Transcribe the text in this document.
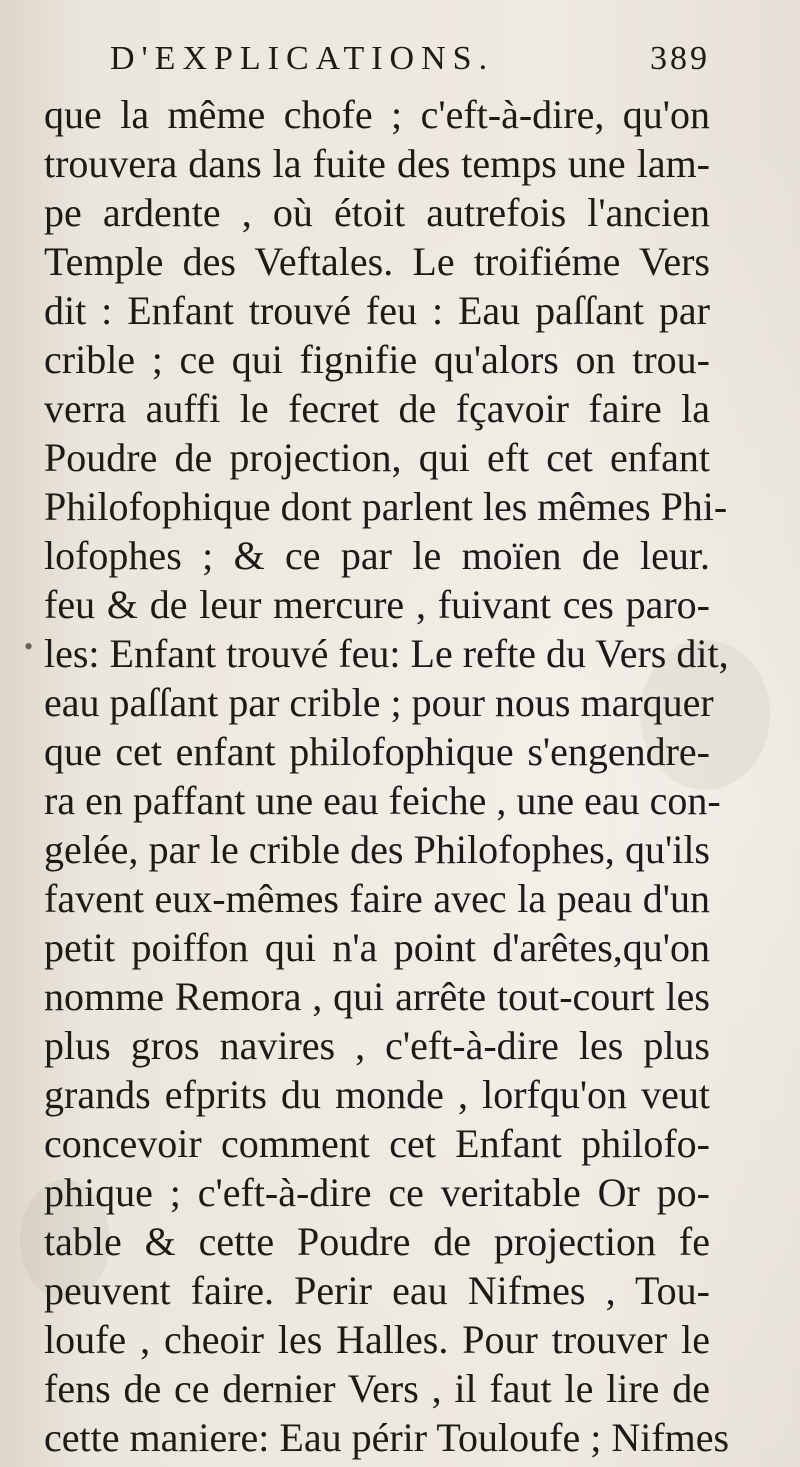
D'EXPLICATIONS.	389
•
que la même chofe ; c'eft-à-dire, qu'on
trouvera dans la fuite des temps une lam-
pe ardente , où étoit autrefois l'ancien
Temple des Veftales. Le troifiéme Vers
dit : Enfant trouvé feu : Eau paſſant par
crible ; ce qui fignifie qu'alors on trou-
verra auffi le fecret de fçavoir faire la
Poudre de projection, qui eft cet enfant
Philofophique dont parlent les mêmes Phi-
lofophes ; & ce par le moïen de leur.
feu & de leur mercure , fuivant ces paro-
les: Enfant trouvé feu: Le refte du Vers dit,
eau paſſant par crible ; pour nous marquer
que cet enfant philofophique s'engendre-
ra en paffant une eau feiche , une eau con-
gelée, par le crible des Philofophes, qu'ils
favent eux-mêmes faire avec la peau d'un
petit poiffon qui n'a point d'arêtes,qu'on
nomme Remora , qui arrête tout-court les
plus gros navires , c'eft-à-dire les plus
grands efprits du monde , lorfqu'on veut
concevoir comment cet Enfant philofo-
phique ; c'eft-à-dire ce veritable Or po-
table & cette Poudre de projection fe
peuvent faire. Perir eau Nifmes , Tou-
loufe , cheoir les Halles. Pour trouver le
fens de ce dernier Vers , il faut le lire de
cette maniere: Eau périr Touloufe ; Nifmes
